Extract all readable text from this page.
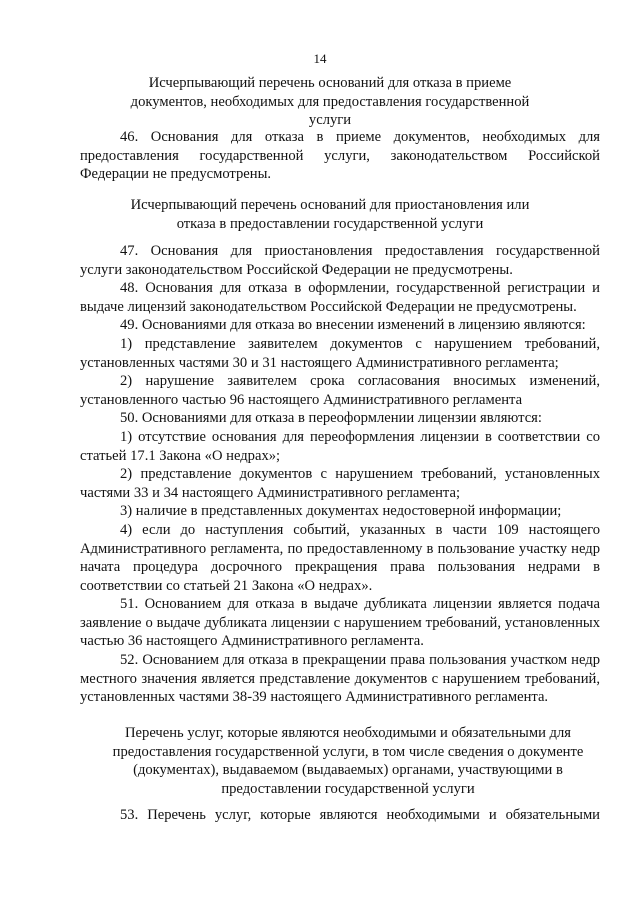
14
Исчерпывающий перечень оснований для отказа в приеме документов, необходимых для предоставления государственной услуги

46. Основания для отказа в приеме документов, необходимых для предоставления государственной услуги, законодательством Российской Федерации не предусмотрены.

Исчерпывающий перечень оснований для приостановления или отказа в предоставлении государственной услуги

47. Основания для приостановления предоставления государственной услуги законодательством Российской Федерации не предусмотрены.

48. Основания для отказа в оформлении, государственной регистрации и выдаче лицензий законодательством Российской Федерации не предусмотрены.

49. Основаниями для отказа во внесении изменений в лицензию являются:

1) представление заявителем документов с нарушением требований, установленных частями 30 и 31 настоящего Административного регламента;

2) нарушение заявителем срока согласования вносимых изменений, установленного частью 96 настоящего Административного регламента

50. Основаниями для отказа в переоформлении лицензии являются:

1) отсутствие основания для переоформления лицензии в соответствии со статьей 17.1 Закона «О недрах»;

2) представление документов с нарушением требований, установленных частями 33 и 34 настоящего Административного регламента;

3) наличие в представленных документах недостоверной информации;

4) если до наступления событий, указанных в части 109 настоящего Административного регламента, по предоставленному в пользование участку недр начата процедура досрочного прекращения права пользования недрами в соответствии со статьей 21 Закона «О недрах».

51. Основанием для отказа в выдаче дубликата лицензии является подача заявление о выдаче дубликата лицензии с нарушением требований, установленных частью 36 настоящего Административного регламента.

52. Основанием для отказа в прекращении права пользования участком недр местного значения является представление документов с нарушением требований, установленных частями 38-39 настоящего Административного регламента.

Перечень услуг, которые являются необходимыми и обязательными для предоставления государственной услуги, в том числе сведения о документе (документах), выдаваемом (выдаваемых) органами, участвующими в предоставлении государственной услуги

53. Перечень услуг, которые являются необходимыми и обязательными
